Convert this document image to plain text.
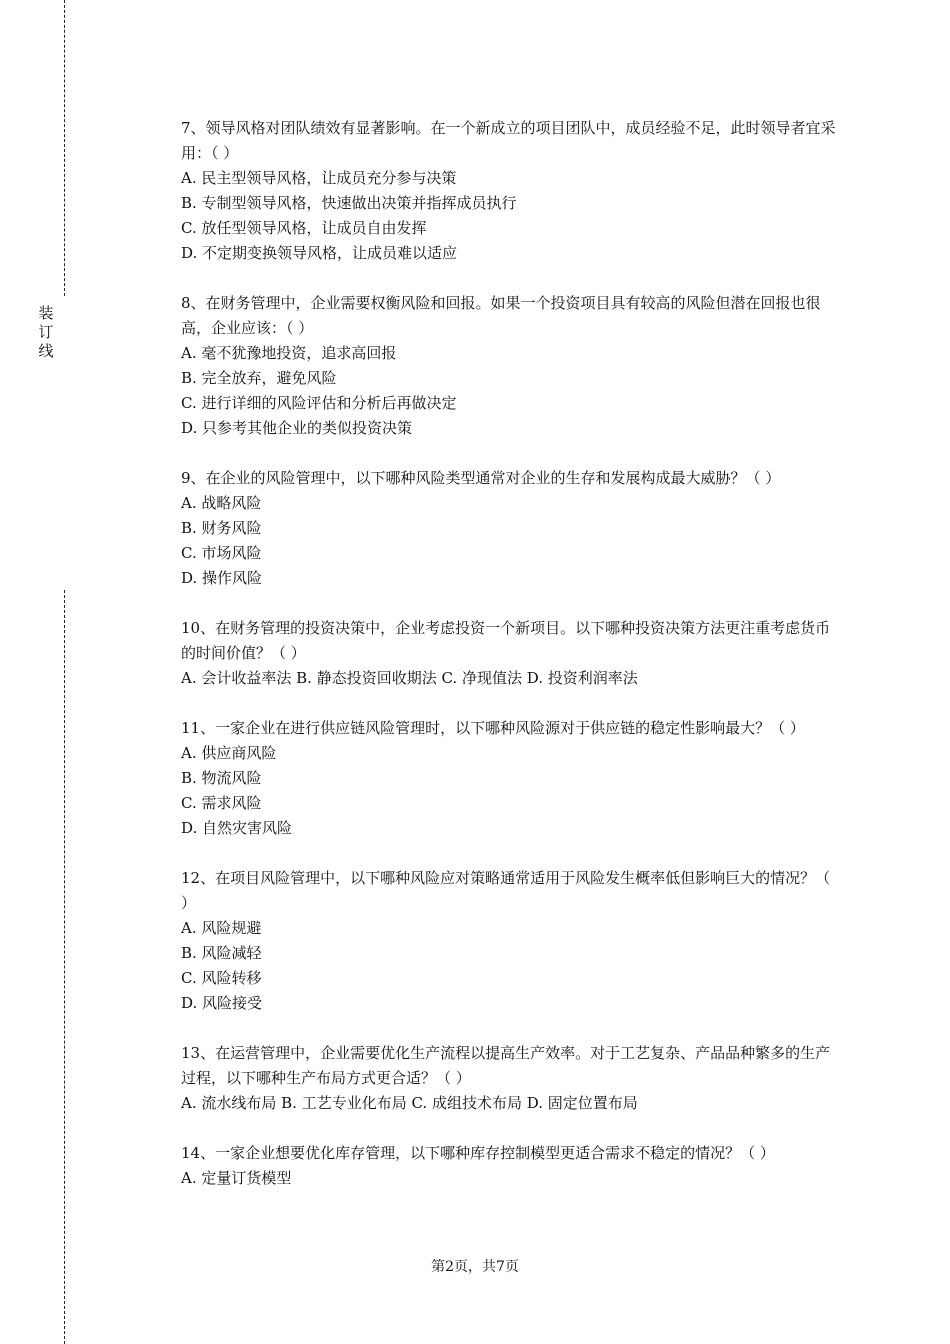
装订线

7、领导风格对团队绩效有显著影响。在一个新成立的项目团队中，成员经验不足，此时领导者宜采用：（ ）

A. 民主型领导风格，让成员充分参与决策

B. 专制型领导风格，快速做出决策并指挥成员执行

C. 放任型领导风格，让成员自由发挥

D. 不定期变换领导风格，让成员难以适应

8、在财务管理中，企业需要权衡风险和回报。如果一个投资项目具有较高的风险但潜在回报也很高，企业应该：（ ）

A. 毫不犹豫地投资，追求高回报

B. 完全放弃，避免风险

C. 进行详细的风险评估和分析后再做决定

D. 只参考其他企业的类似投资决策

9、在企业的风险管理中，以下哪种风险类型通常对企业的生存和发展构成最大威胁？（ ）

A. 战略风险

B. 财务风险

C. 市场风险

D. 操作风险

10、在财务管理的投资决策中，企业考虑投资一个新项目。以下哪种投资决策方法更注重考虑货币的时间价值？（ ）

A. 会计收益率法 B. 静态投资回收期法 C. 净现值法 D. 投资利润率法

11、一家企业在进行供应链风险管理时，以下哪种风险源对于供应链的稳定性影响最大？（ ）

A. 供应商风险

B. 物流风险

C. 需求风险

D. 自然灾害风险

12、在项目风险管理中，以下哪种风险应对策略通常适用于风险发生概率低但影响巨大的情况？（ ）

A. 风险规避

B. 风险减轻

C. 风险转移

D. 风险接受

13、在运营管理中，企业需要优化生产流程以提高生产效率。对于工艺复杂、产品品种繁多的生产过程，以下哪种生产布局方式更合适？（ ）

A. 流水线布局 B. 工艺专业化布局 C. 成组技术布局 D. 固定位置布局

14、一家企业想要优化库存管理，以下哪种库存控制模型更适合需求不稳定的情况？（ ）

A. 定量订货模型

第2页，共7页
